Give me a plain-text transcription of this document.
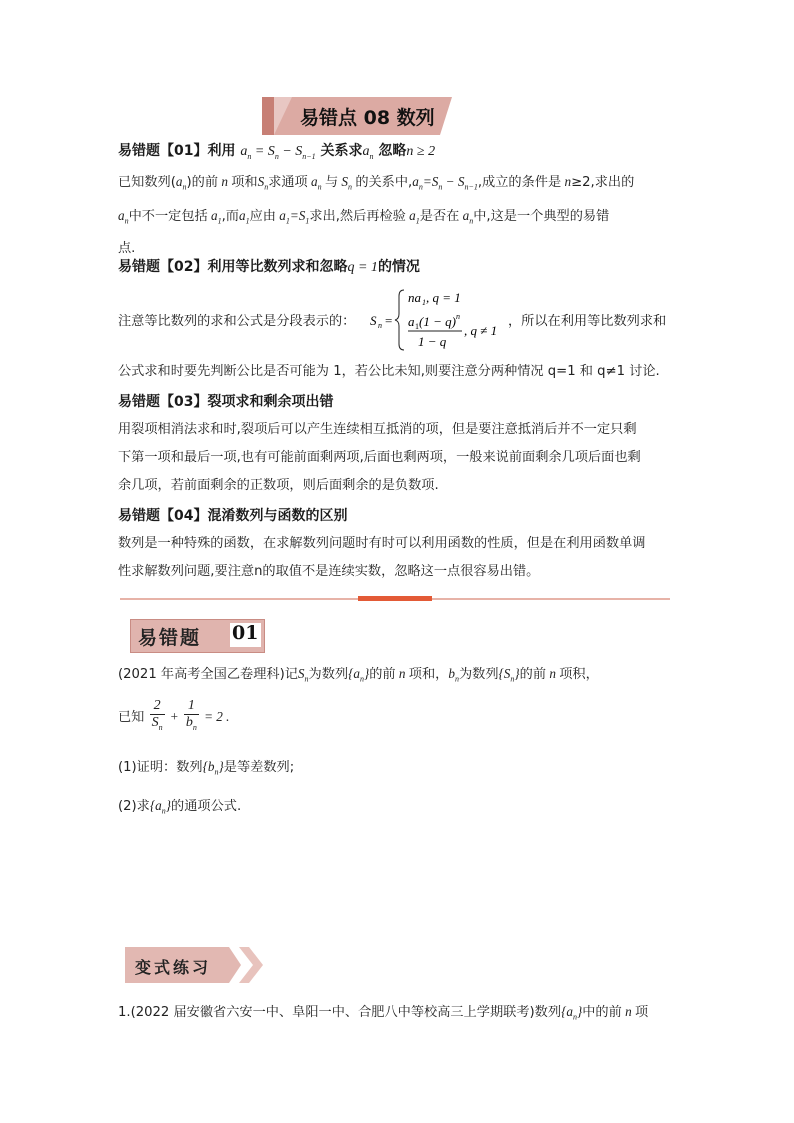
易错点 08 数列
易错题【01】利用 $a_n = S_n - S_{n-1}$ 关系求$a_n$ 忽略n ≥ 2
已知数列$(a_n)$的前 n 项和$S_n$求通项 $a_n$ 与 $S_n$ 的关系中$,a_n=S_n - S_{n-1}$,成立的条件是 n≥2,求出的
$a_n$中不一定包括 $a_1$,而$a_1$应由 $a_1=S_1$求出,然后再检验 $a_1$是否在 $a_n$中,这是一个典型的易错
点.
易错题【02】利用等比数列求和忽略q = 1的情况
注意等比数列的求和公式是分段表示的： S n =
na 1 , q = 1
a 1 (1 − q) n
1 − q
, q ≠ 1
，所以在利用等比数列求和
公式求和时要先判断公比是否可能为 1，若公比未知,则要注意分两种情况 q=1 和 q≠1 讨论.
易错题【03】裂项求和剩余项出错
用裂项相消法求和时,裂项后可以产生连续相互抵消的项，但是要注意抵消后并不一定只剩
下第一项和最后一项,也有可能前面剩两项,后面也剩两项，一般来说前面剩余几项后面也剩
余几项，若前面剩余的正数项，则后面剩余的是负数项.
易错题【04】混淆数列与函数的区别
数列是一种特殊的函数，在求解数列问题时有时可以利用函数的性质，但是在利用函数单调
性求解数列问题,要注意n的取值不是连续实数，忽略这一点很容易出错。
易错题 01
(2021 年高考全国乙卷理科)记$S_n$为数列$\{a_n\}$的前 n 项和，$b_n$为数列$\{S_n\}$的前 n 项积，
已知 $\frac{2}{S_n} + \frac{1}{b_n} = 2$ .
(1)证明：数列$\{b_n\}$是等差数列;
(2)求$\{a_n\}$的通项公式.
变式练习
1.(2022 届安徽省六安一中、阜阳一中、合肥八中等校高三上学期联考)数列$\{a_n\}$中的前 n 项
